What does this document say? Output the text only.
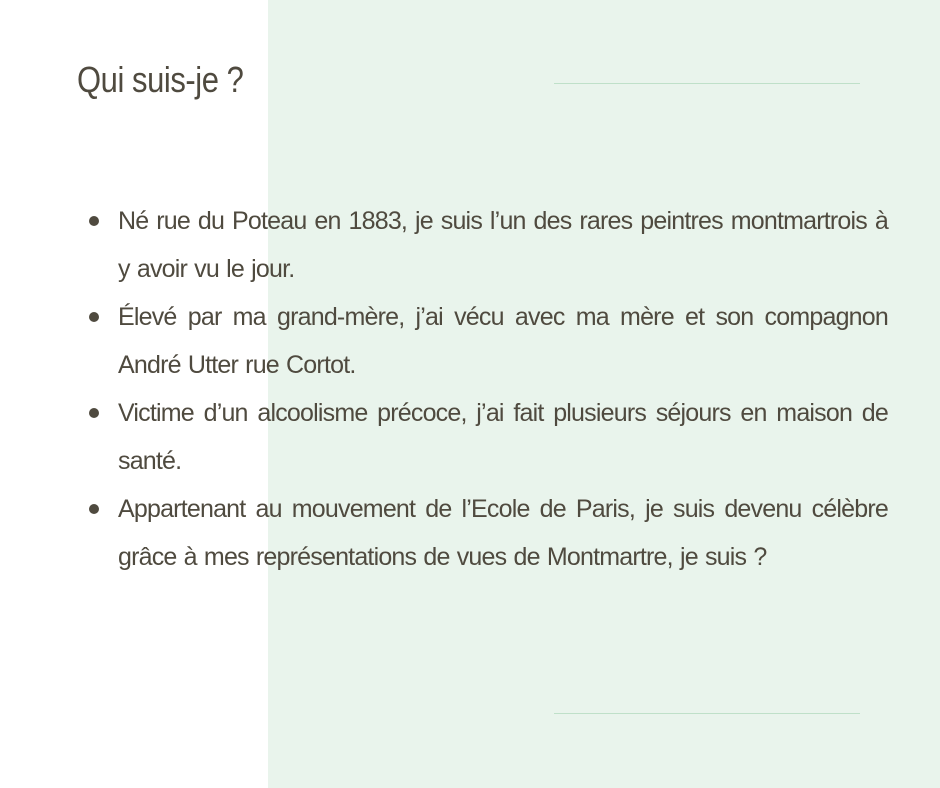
Qui suis-je ?
Né rue du Poteau en 1883, je suis l’un des rares peintres montmartrois à y avoir vu le jour.
Élevé par ma grand-mère, j’ai vécu avec ma mère et son compagnon André Utter rue Cortot.
Victime d’un alcoolisme précoce, j’ai fait plusieurs séjours en maison de santé.
Appartenant au mouvement de l’Ecole de Paris, je suis devenu célèbre grâce à mes représentations de vues de Montmartre, je suis ?
